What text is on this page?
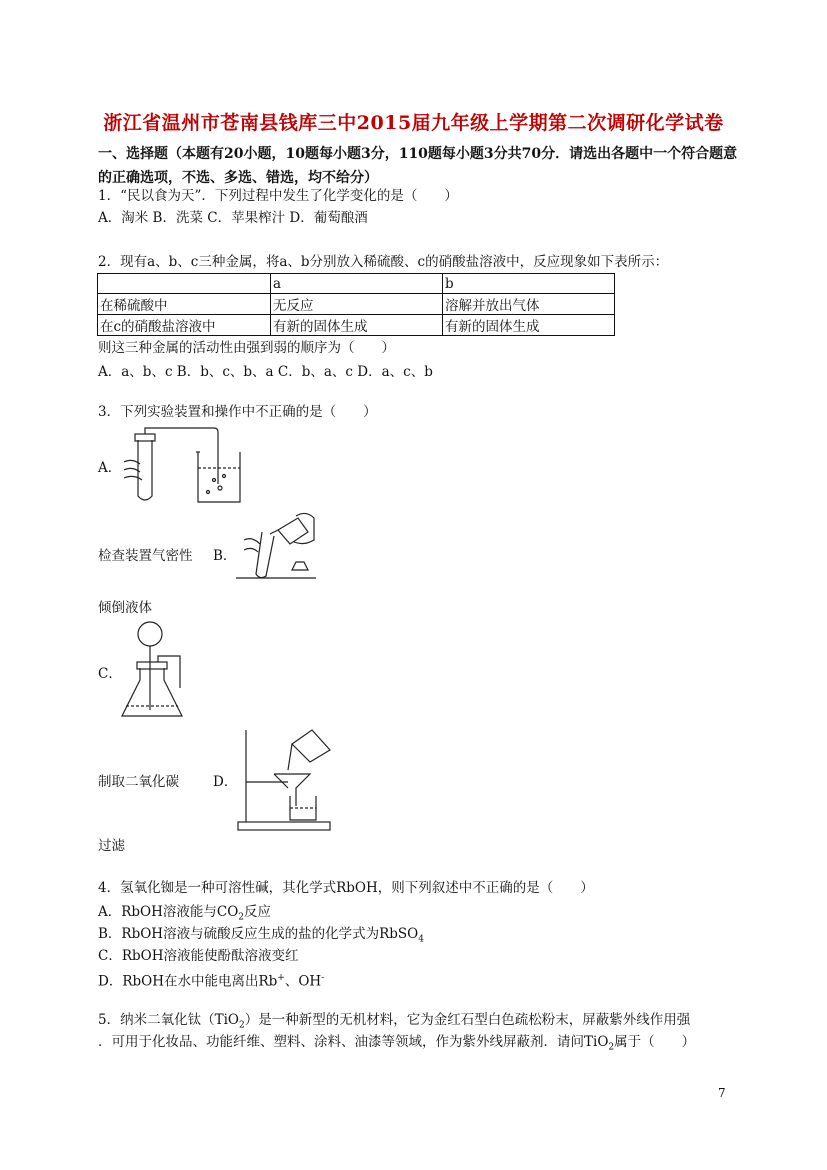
浙江省温州市苍南县钱库三中2015届九年级上学期第二次调研化学试卷
一、选择题（本题有20小题，10题每小题3分，110题每小题3分共70分．请选出各题中一个符合题意的正确选项，不选、多选、错选，均不给分）
1．“民以食为天”．下列过程中发生了化学变化的是（　　）
A．淘米 B．洗菜 C．苹果榨汁 D．葡萄酿酒
2．现有a、b、c三种金属，将a、b分别放入稀硫酸、c的硝酸盐溶液中，反应现象如下表所示：
	a	b
在稀硫酸中	无反应	溶解并放出气体
在c的硝酸盐溶液中	有新的固体生成	有新的固体生成
则这三种金属的活动性由强到弱的顺序为（　　）
A．a、b、c B．b、c、b、a C．b、a、c D．a、c、b
3．下列实验装置和操作中不正确的是（　　）
A．
检查装置气密性 B．
倾倒液体
C．
制取二氧化碳	D．
过滤
4．氢氧化铷是一种可溶性碱，其化学式RbOH，则下列叙述中不正确的是（　　）
A．RbOH溶液能与$CO_2$反应
B．RbOH溶液与硫酸反应生成的盐的化学式为RbSO$_4$
C．RbOH溶液能使酚酞溶液变红
D．RbOH在水中能电离出Rb+、OH-
5．纳米二氧化钛（TiO$_2$）是一种新型的无机材料，它为金红石型白色疏松粉末，屏蔽紫外线作用强
．可用于化妆品、功能纤维、塑料、涂料、油漆等领域，作为紫外线屏蔽剂．请问TiO$_2$属于（　　）
7
